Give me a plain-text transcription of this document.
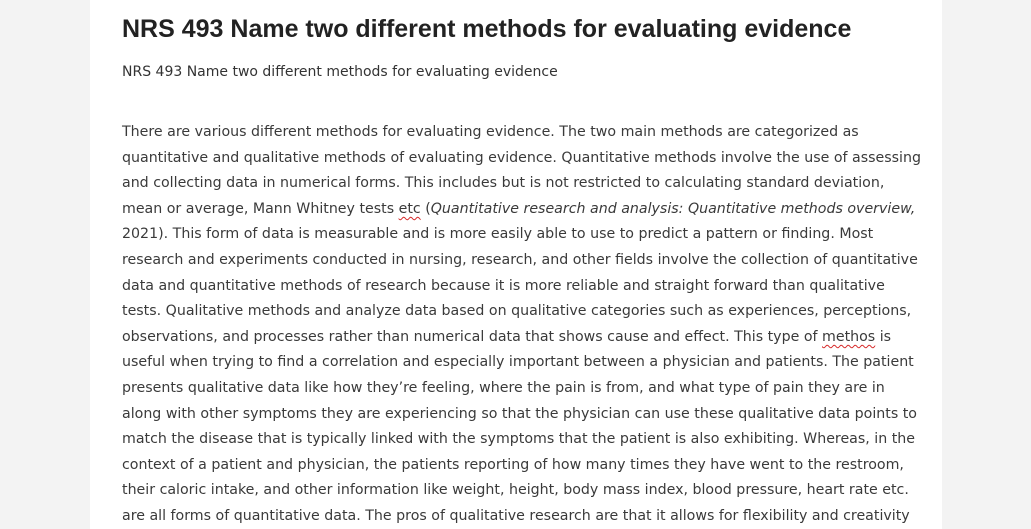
NRS 493 Name two different methods for evaluating evidence
NRS 493 Name two different methods for evaluating evidence
There are various different methods for evaluating evidence. The two main methods are categorized as
quantitative and qualitative methods of evaluating evidence. Quantitative methods involve the use of assessing
and collecting data in numerical forms. This includes but is not restricted to calculating standard deviation,
mean or average, Mann Whitney tests etc (Quantitative research and analysis: Quantitative methods overview,
2021). This form of data is measurable and is more easily able to use to predict a pattern or finding. Most
research and experiments conducted in nursing, research, and other fields involve the collection of quantitative
data and quantitative methods of research because it is more reliable and straight forward than qualitative
tests. Qualitative methods and analyze data based on qualitative categories such as experiences, perceptions,
observations, and processes rather than numerical data that shows cause and effect. This type of methos is
useful when trying to find a correlation and especially important between a physician and patients. The patient
presents qualitative data like how they’re feeling, where the pain is from, and what type of pain they are in
along with other symptoms they are experiencing so that the physician can use these qualitative data points to
match the disease that is typically linked with the symptoms that the patient is also exhibiting. Whereas, in the
context of a patient and physician, the patients reporting of how many times they have went to the restroom,
their caloric intake, and other information like weight, height, body mass index, blood pressure, heart rate etc.
are all forms of quantitative data. The pros of qualitative research are that it allows for flexibility and creativity
